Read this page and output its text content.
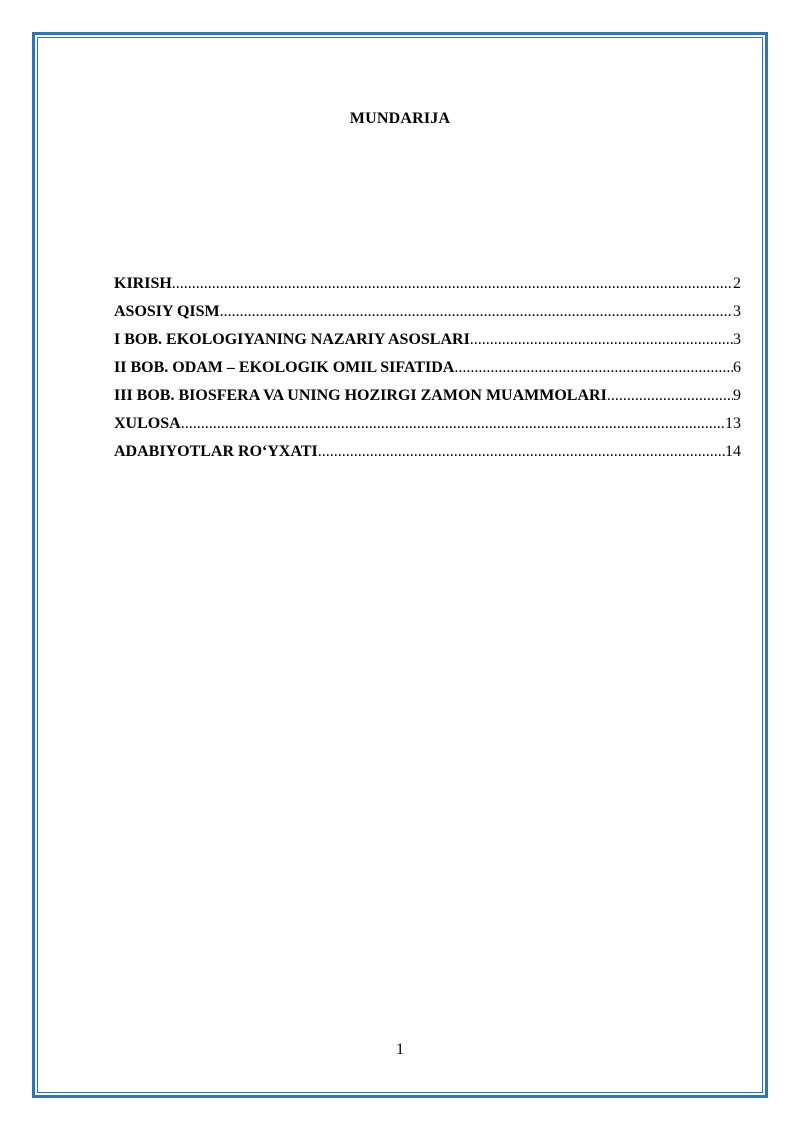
MUNDARIJA
KIRISH .....	2
ASOSIY QISM .....	3
I BOB. EKOLOGIYANING NAZARIY ASOSLARI .....	3
II BOB. ODAM – EKOLOGIK OMIL SIFATIDA .....	6
III BOB. BIOSFERA VA UNING HOZIRGI ZAMON MUAMMOLARI .....	9
XULOSA .....	13
ADABIYOTLAR RO‘YXATI .....	14
1
